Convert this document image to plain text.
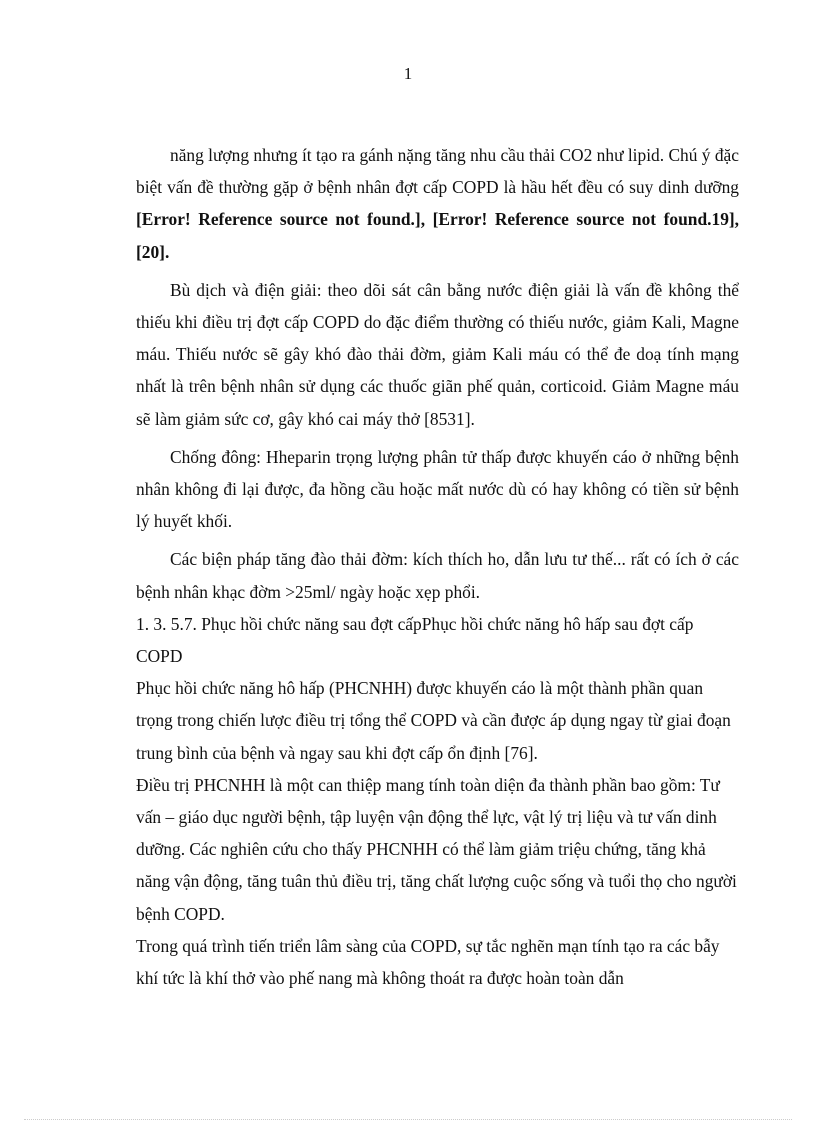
1

năng lượng nhưng ít tạo ra gánh nặng tăng nhu cầu thải CO2 như lipid. Chú ý đặc biệt vấn đề thường gặp ở bệnh nhân đợt cấp COPD là hầu hết đều có suy dinh dưỡng [Error! Reference source not found.], [Error! Reference source not found.19], [20].

Bù dịch và điện giải: theo dõi sát cân bằng nước điện giải là vấn đề không thể thiếu khi điều trị đợt cấp COPD do đặc điểm thường có thiếu nước, giảm Kali, Magne máu. Thiếu nước sẽ gây khó đào thải đờm, giảm Kali máu có thể đe doạ tính mạng nhất là trên bệnh nhân sử dụng các thuốc giãn phế quản, corticoid. Giảm Magne máu sẽ làm giảm sức cơ, gây khó cai máy thở [8531].

Chống đông: Hheparin trọng lượng phân tử thấp được khuyến cáo ở những bệnh nhân không đi lại được, đa hồng cầu hoặc mất nước dù có hay không có tiền sử bệnh lý huyết khối.

Các biện pháp tăng đào thải đờm: kích thích ho, dẫn lưu tư thế... rất có ích ở các bệnh nhân khạc đờm >25ml/ ngày hoặc xẹp phổi.

1. 3. 5.7. Phục hồi chức năng sau đợt cấpPhục hồi chức năng hô hấp sau đợt cấp COPD

Phục hồi chức năng hô hấp (PHCNHH) được khuyến cáo là một thành phần quan trọng trong chiến lược điều trị tổng thể COPD và cần được áp dụng ngay từ giai đoạn trung bình của bệnh và ngay sau khi đợt cấp ổn định [76].

Điều trị PHCNHH là một can thiệp mang tính toàn diện đa thành phần bao gồm: Tư vấn – giáo dục người bệnh, tập luyện vận động thể lực, vật lý trị liệu và tư vấn dinh dưỡng. Các nghiên cứu cho thấy PHCNHH có thể làm giảm triệu chứng, tăng khả năng vận động, tăng tuân thủ điều trị, tăng chất lượng cuộc sống và tuổi thọ cho người bệnh COPD.

Trong quá trình tiến triển lâm sàng của COPD, sự tắc nghẽn mạn tính tạo ra các bẫy khí tức là khí thở vào phế nang mà không thoát ra được hoàn toàn dẫn
